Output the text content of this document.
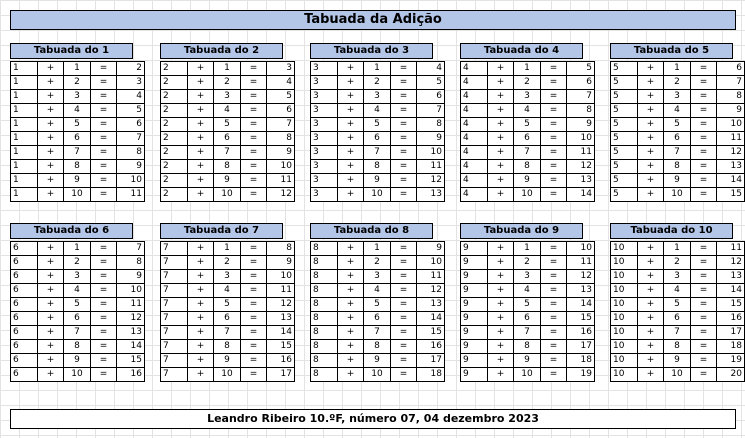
Tabuada da Adição
Tabuada do 1
1	+	1	=	2
1	+	2	=	3
1	+	3	=	4
1	+	4	=	5
1	+	5	=	6
1	+	6	=	7
1	+	7	=	8
1	+	8	=	9
1	+	9	=	10
1	+	10	=	11
Tabuada do 2
2	+	1	=	3
2	+	2	=	4
2	+	3	=	5
2	+	4	=	6
2	+	5	=	7
2	+	6	=	8
2	+	7	=	9
2	+	8	=	10
2	+	9	=	11
2	+	10	=	12
Tabuada do 3
3	+	1	=	4
3	+	2	=	5
3	+	3	=	6
3	+	4	=	7
3	+	5	=	8
3	+	6	=	9
3	+	7	=	10
3	+	8	=	11
3	+	9	=	12
3	+	10	=	13
Tabuada do 4
4	+	1	=	5
4	+	2	=	6
4	+	3	=	7
4	+	4	=	8
4	+	5	=	9
4	+	6	=	10
4	+	7	=	11
4	+	8	=	12
4	+	9	=	13
4	+	10	=	14
Tabuada do 5
5	+	1	=	6
5	+	2	=	7
5	+	3	=	8
5	+	4	=	9
5	+	5	=	10
5	+	6	=	11
5	+	7	=	12
5	+	8	=	13
5	+	9	=	14
5	+	10	=	15
Tabuada do 6
6	+	1	=	7
6	+	2	=	8
6	+	3	=	9
6	+	4	=	10
6	+	5	=	11
6	+	6	=	12
6	+	7	=	13
6	+	8	=	14
6	+	9	=	15
6	+	10	=	16
Tabuada do 7
7	+	1	=	8
7	+	2	=	9
7	+	3	=	10
7	+	4	=	11
7	+	5	=	12
7	+	6	=	13
7	+	7	=	14
7	+	8	=	15
7	+	9	=	16
7	+	10	=	17
Tabuada do 8
8	+	1	=	9
8	+	2	=	10
8	+	3	=	11
8	+	4	=	12
8	+	5	=	13
8	+	6	=	14
8	+	7	=	15
8	+	8	=	16
8	+	9	=	17
8	+	10	=	18
Tabuada do 9
9	+	1	=	10
9	+	2	=	11
9	+	3	=	12
9	+	4	=	13
9	+	5	=	14
9	+	6	=	15
9	+	7	=	16
9	+	8	=	17
9	+	9	=	18
9	+	10	=	19
Tabuada do 10
10	+	1	=	11
10	+	2	=	12
10	+	3	=	13
10	+	4	=	14
10	+	5	=	15
10	+	6	=	16
10	+	7	=	17
10	+	8	=	18
10	+	9	=	19
10	+	10	=	20
Leandro Ribeiro 10.ºF, número 07, 04 dezembro 2023
